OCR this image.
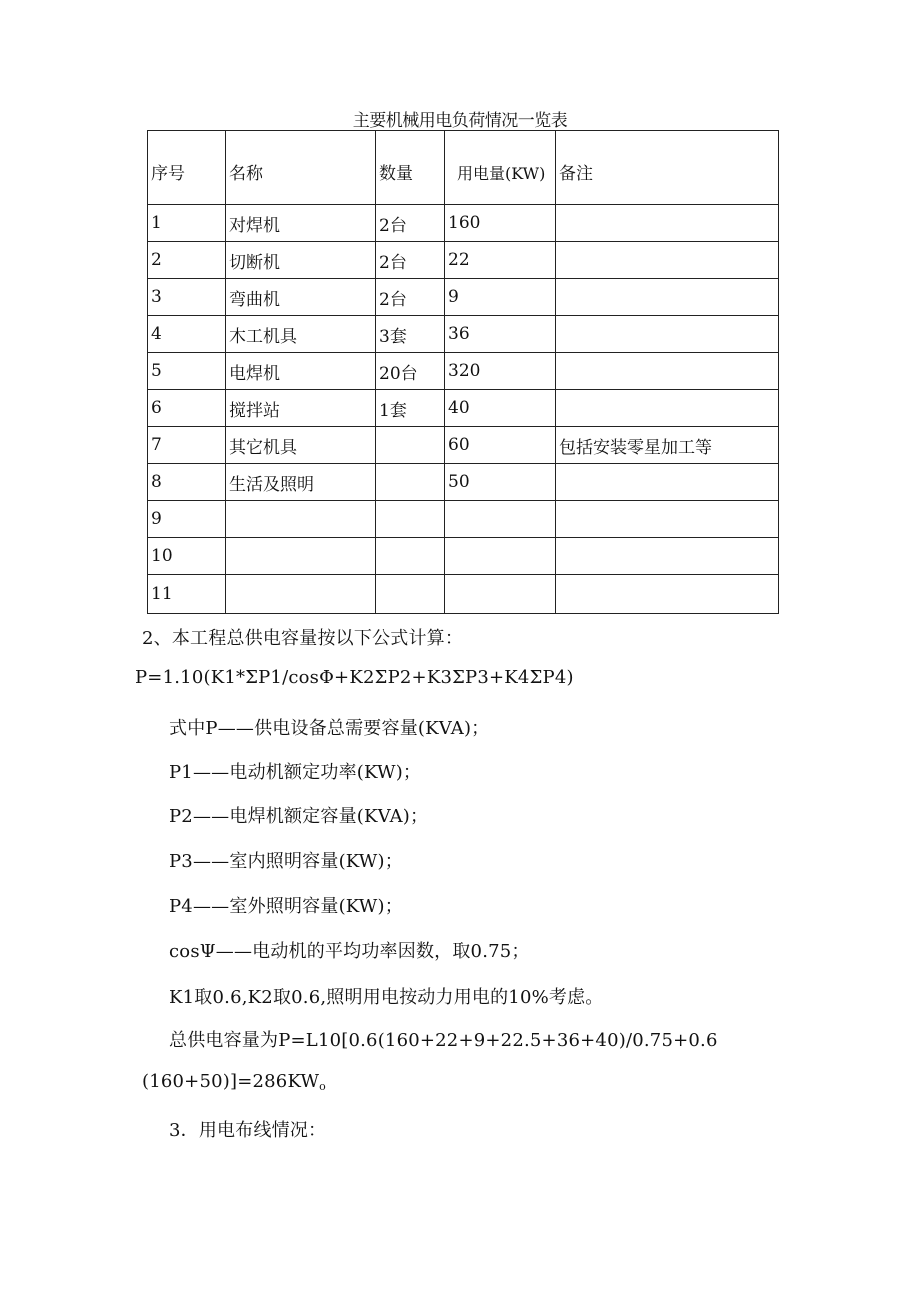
主要机械用电负荷情况一览表
序号	名称	数量	用电量(KW)	备注
1	对焊机	2台	160	
2	切断机	2台	22	
3	弯曲机	2台	9	
4	木工机具	3套	36	
5	电焊机	20台	320	
6	搅拌站	1套	40	
7	其它机具		60	包括安装零星加工等
8	生活及照明		50	
9				
10				
11				
2、本工程总供电容量按以下公式计算：
P=1.10(K1*ΣP1/cosΦ+K2ΣP2+K3ΣP3+K4ΣP4)
式中P——供电设备总需要容量(KVA)；
P1——电动机额定功率(KW)；
P2——电焊机额定容量(KVA)；
P3——室内照明容量(KW)；
P4——室外照明容量(KW)；
cosΨ——电动机的平均功率因数，取0.75；
K1取0.6,K2取0.6,照明用电按动力用电的10%考虑。
总供电容量为P=L10[0.6(160+22+9+22.5+36+40)/0.75+0.6
(160+50)]=286KWo
3．用电布线情况：
